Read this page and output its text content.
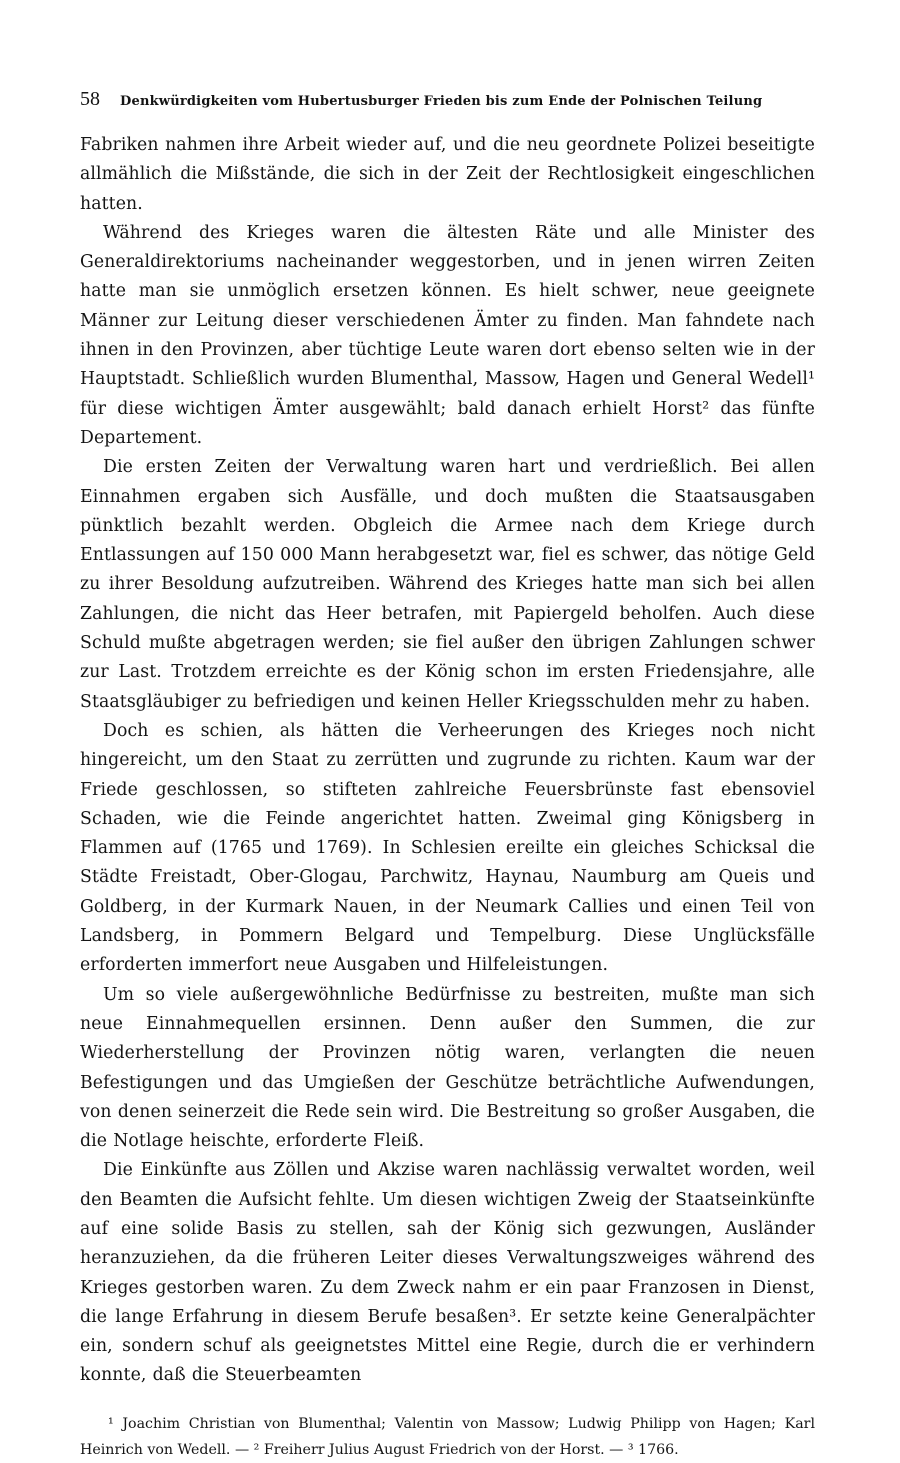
58 Denkwürdigkeiten vom Hubertusburger Frieden bis zum Ende der Polnischen Teilung

Fabriken nahmen ihre Arbeit wieder auf, und die neu geordnete Polizei beseitigte allmählich die Mißstände, die sich in der Zeit der Rechtlosigkeit eingeschlichen hatten.

Während des Krieges waren die ältesten Räte und alle Minister des Generaldirektoriums nacheinander weggestorben, und in jenen wirren Zeiten hatte man sie unmöglich ersetzen können. Es hielt schwer, neue geeignete Männer zur Leitung dieser verschiedenen Ämter zu finden. Man fahndete nach ihnen in den Provinzen, aber tüchtige Leute waren dort ebenso selten wie in der Hauptstadt. Schließlich wurden Blumenthal, Massow, Hagen und General Wedell¹ für diese wichtigen Ämter ausgewählt; bald danach erhielt Horst² das fünfte Departement.

Die ersten Zeiten der Verwaltung waren hart und verdrießlich. Bei allen Einnahmen ergaben sich Ausfälle, und doch mußten die Staatsausgaben pünktlich bezahlt werden. Obgleich die Armee nach dem Kriege durch Entlassungen auf 150 000 Mann herabgesetzt war, fiel es schwer, das nötige Geld zu ihrer Besoldung aufzutreiben. Während des Krieges hatte man sich bei allen Zahlungen, die nicht das Heer betrafen, mit Papiergeld beholfen. Auch diese Schuld mußte abgetragen werden; sie fiel außer den übrigen Zahlungen schwer zur Last. Trotzdem erreichte es der König schon im ersten Friedensjahre, alle Staatsgläubiger zu befriedigen und keinen Heller Kriegsschulden mehr zu haben.

Doch es schien, als hätten die Verheerungen des Krieges noch nicht hingereicht, um den Staat zu zerrütten und zugrunde zu richten. Kaum war der Friede geschlossen, so stifteten zahlreiche Feuersbrünste fast ebensoviel Schaden, wie die Feinde angerichtet hatten. Zweimal ging Königsberg in Flammen auf (1765 und 1769). In Schlesien ereilte ein gleiches Schicksal die Städte Freistadt, Ober-Glogau, Parchwitz, Haynau, Naumburg am Queis und Goldberg, in der Kurmark Nauen, in der Neumark Callies und einen Teil von Landsberg, in Pommern Belgard und Tempelburg. Diese Unglücksfälle erforderten immerfort neue Ausgaben und Hilfeleistungen.

Um so viele außergewöhnliche Bedürfnisse zu bestreiten, mußte man sich neue Einnahmequellen ersinnen. Denn außer den Summen, die zur Wiederherstellung der Provinzen nötig waren, verlangten die neuen Befestigungen und das Umgießen der Geschütze beträchtliche Aufwendungen, von denen seinerzeit die Rede sein wird. Die Bestreitung so großer Ausgaben, die die Notlage heischte, erforderte Fleiß.

Die Einkünfte aus Zöllen und Akzise waren nachlässig verwaltet worden, weil den Beamten die Aufsicht fehlte. Um diesen wichtigen Zweig der Staatseinkünfte auf eine solide Basis zu stellen, sah der König sich gezwungen, Ausländer heranzuziehen, da die früheren Leiter dieses Verwaltungszweiges während des Krieges gestorben waren. Zu dem Zweck nahm er ein paar Franzosen in Dienst, die lange Erfahrung in diesem Berufe besaßen³. Er setzte keine Generalpächter ein, sondern schuf als geeignetstes Mittel eine Regie, durch die er verhindern konnte, daß die Steuerbeamten

¹ Joachim Christian von Blumenthal; Valentin von Massow; Ludwig Philipp von Hagen; Karl Heinrich von Wedell. — ² Freiherr Julius August Friedrich von der Horst. — ³ 1766.
